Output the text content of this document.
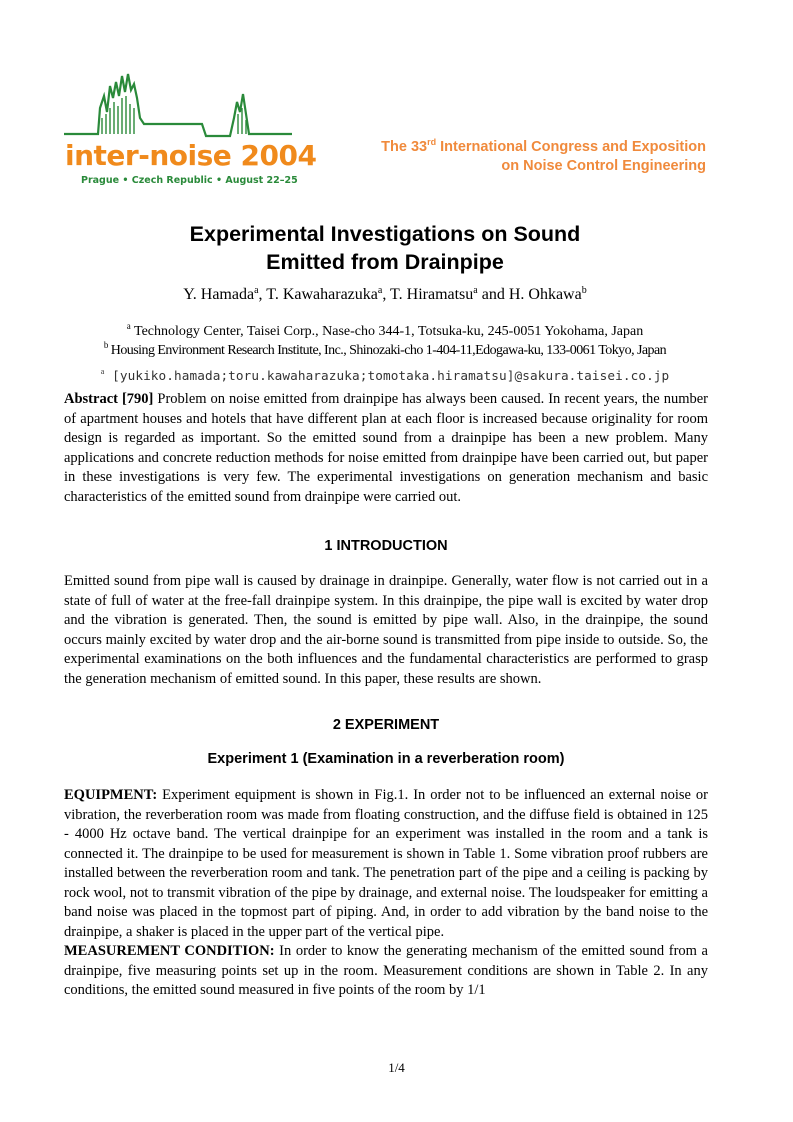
inter-noise 2004
Prague • Czech Republic • August 22–25
The 33rd International Congress and Exposition
on Noise Control Engineering
Experimental Investigations on Sound
Emitted from Drainpipe
Y. Hamada$^a$, T. Kawaharazuka$^a$, T. Hiramatsu$^a$ and H. Ohkawa$^b$
$^a$ Technology Center, Taisei Corp., Nase-cho 344-1, Totsuka-ku, 245-0051 Yokohama, Japan
$^b$ Housing Environment Research Institute, Inc., Shinozaki-cho 1-404-11,Edogawa-ku, 133-0061 Tokyo, Japan
$^a$ [yukiko.hamada;toru.kawaharazuka;tomotaka.hiramatsu]@sakura.taisei.co.jp
Abstract [790] Problem on noise emitted from drainpipe has always been caused. In recent years, the number of apartment houses and hotels that have different plan at each floor is increased because originality for room design is regarded as important. So the emitted sound from a drainpipe has been a new problem. Many applications and concrete reduction methods for noise emitted from drainpipe have been carried out, but paper in these investigations is very few. The experimental investigations on generation mechanism and basic characteristics of the emitted sound from drainpipe were carried out.
1 INTRODUCTION
Emitted sound from pipe wall is caused by drainage in drainpipe. Generally, water flow is not carried out in a state of full of water at the free-fall drainpipe system. In this drainpipe, the pipe wall is excited by water drop and the vibration is generated. Then, the sound is emitted by pipe wall. Also, in the drainpipe, the sound occurs mainly excited by water drop and the air-borne sound is transmitted from pipe inside to outside. So, the experimental examinations on the both influences and the fundamental characteristics are performed to grasp the generation mechanism of emitted sound. In this paper, these results are shown.
2 EXPERIMENT
Experiment 1 (Examination in a reverberation room)
EQUIPMENT: Experiment equipment is shown in Fig.1. In order not to be influenced an external noise or vibration, the reverberation room was made from floating construction, and the diffuse field is obtained in 125 - 4000 Hz octave band. The vertical drainpipe for an experiment was installed in the room and a tank is connected it. The drainpipe to be used for measurement is shown in Table 1. Some vibration proof rubbers are installed between the reverberation room and tank. The penetration part of the pipe and a ceiling is packing by rock wool, not to transmit vibration of the pipe by drainage, and external noise. The loudspeaker for emitting a band noise was placed in the topmost part of piping. And, in order to add vibration by the band noise to the drainpipe, a shaker is placed in the upper part of the vertical pipe.
MEASUREMENT CONDITION: In order to know the generating mechanism of the emitted sound from a drainpipe, five measuring points set up in the room. Measurement conditions are shown in Table 2. In any conditions, the emitted sound measured in five points of the room by 1/1
1/4
